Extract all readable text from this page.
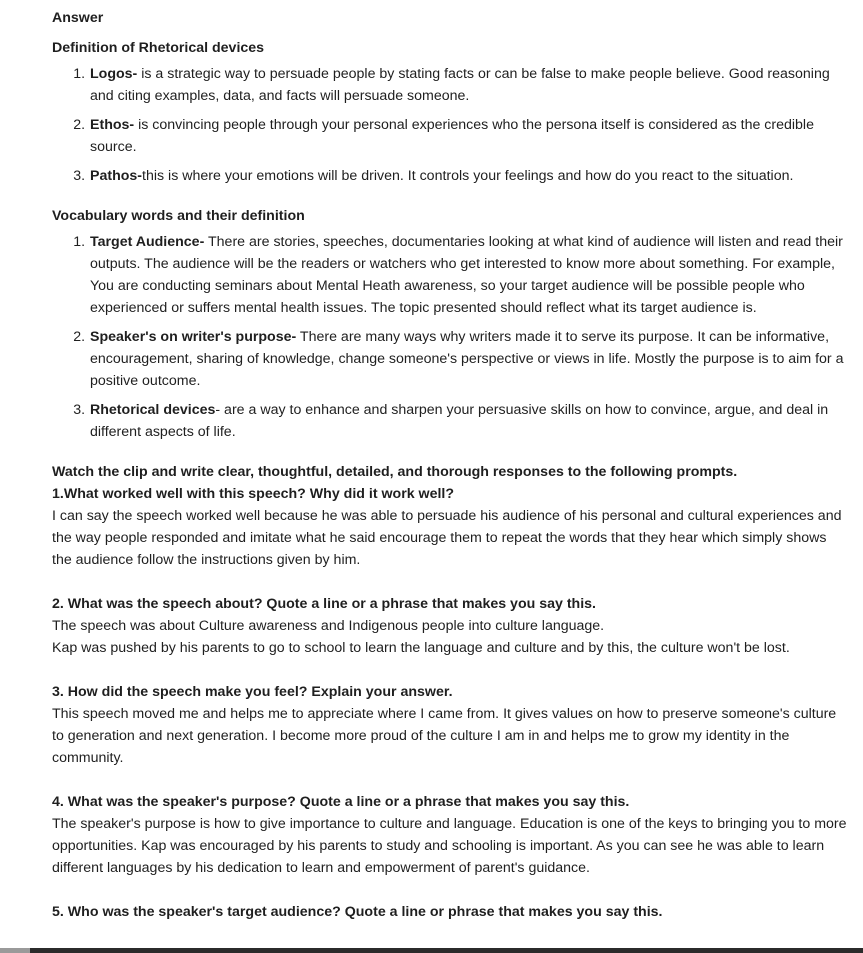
Answer

Definition of Rhetorical devices

1. Logos- is a strategic way to persuade people by stating facts or can be false to make people believe. Good reasoning and citing examples, data, and facts will persuade someone.
2. Ethos- is convincing people through your personal experiences who the persona itself is considered as the credible source.
3. Pathos-this is where your emotions will be driven. It controls your feelings and how do you react to the situation.

Vocabulary words and their definition

1. Target Audience- There are stories, speeches, documentaries looking at what kind of audience will listen and read their outputs. The audience will be the readers or watchers who get interested to know more about something. For example, You are conducting seminars about Mental Heath awareness, so your target audience will be possible people who experienced or suffers mental health issues. The topic presented should reflect what its target audience is.
2. Speaker's on writer's purpose- There are many ways why writers made it to serve its purpose. It can be informative, encouragement, sharing of knowledge, change someone's perspective or views in life. Mostly the purpose is to aim for a positive outcome.
3. Rhetorical devices- are a way to enhance and sharpen your persuasive skills on how to convince, argue, and deal in different aspects of life.

Watch the clip and write clear, thoughtful, detailed, and thorough responses to the following prompts.

1.What worked well with this speech? Why did it work well?

I can say the speech worked well because he was able to persuade his audience of his personal and cultural experiences and the way people responded and imitate what he said encourage them to repeat the words that they hear which simply shows the audience follow the instructions given by him.

2. What was the speech about? Quote a line or a phrase that makes you say this.

The speech was about Culture awareness and Indigenous people into culture language.

Kap was pushed by his parents to go to school to learn the language and culture and by this, the culture won't be lost.

3. How did the speech make you feel? Explain your answer.

This speech moved me and helps me to appreciate where I came from. It gives values on how to preserve someone's culture to generation and next generation. I become more proud of the culture I am in and helps me to grow my identity in the community.

4. What was the speaker's purpose? Quote a line or a phrase that makes you say this.

The speaker's purpose is how to give importance to culture and language. Education is one of the keys to bringing you to more opportunities. Kap was encouraged by his parents to study and schooling is important. As you can see he was able to learn different languages by his dedication to learn and empowerment of parent's guidance.

5. Who was the speaker's target audience? Quote a line or phrase that makes you say this.
